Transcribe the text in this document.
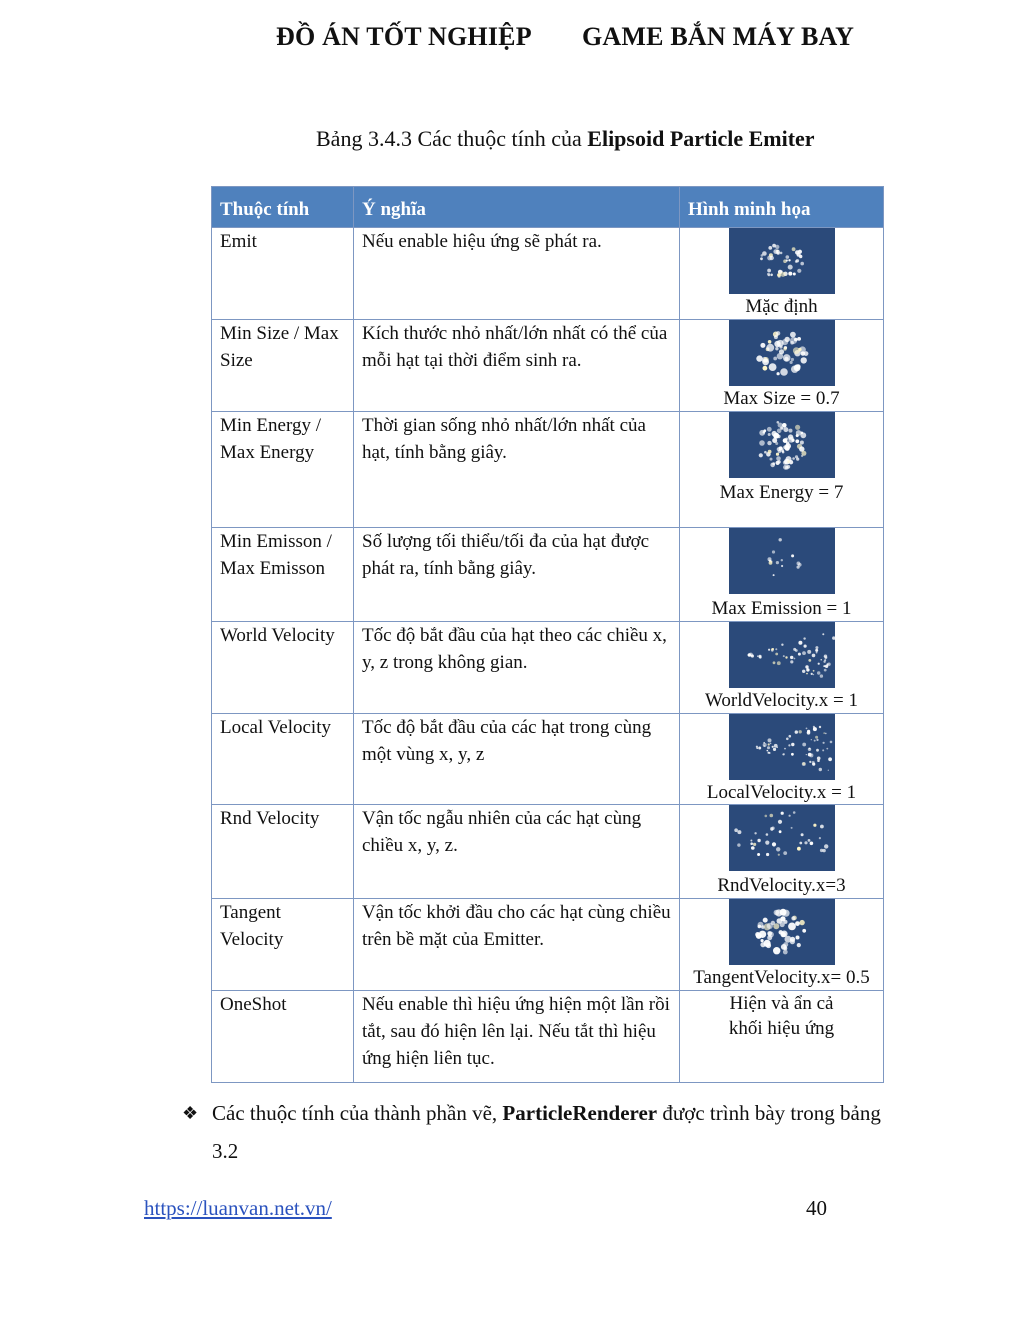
ĐỒ ÁN TỐT NGHIỆP GAME BẮN MÁY BAY
Bảng 3.4.3 Các thuộc tính của Elipsoid Particle Emiter
Thuộc tính	Ý nghĩa	Hình minh họa
Emit	Nếu enable hiệu ứng sẽ phát ra.	Mặc định

Min Size / Max Size	Kích thước nhỏ nhất/lớn nhất có thể của mỗi hạt tại thời điểm sinh ra.	Max Size = 0.7

Min Energy / Max Energy	Thời gian sống nhỏ nhất/lớn nhất của hạt, tính bằng giây.	Max Energy = 7

Min Emisson / Max Emisson	Số lượng tối thiểu/tối đa của hạt được phát ra, tính bằng giây.	Max Emission = 1

World Velocity	Tốc độ bắt đầu của hạt theo các chiều x, y, z trong không gian.	WorldVelocity.x = 1

Local Velocity	Tốc độ bắt đầu của các hạt trong cùng một vùng x, y, z	LocalVelocity.x = 1

Rnd Velocity	Vận tốc ngẫu nhiên của các hạt cùng chiều x, y, z.	RndVelocity.x=3

Tangent Velocity	Vận tốc khởi đầu cho các hạt cùng chiều trên bề mặt của Emitter.	TangentVelocity.x= 0.5

OneShot	Nếu enable thì hiệu ứng hiện một lần rồi tắt, sau đó hiện lên lại. Nếu tắt thì hiệu ứng hiện liên tục.	Hiện và ẩn cả khối hiệu ứng
❖ Các thuộc tính của thành phần vẽ, ParticleRenderer được trình bày trong bảng 3.2
https://luanvan.net.vn/	40
